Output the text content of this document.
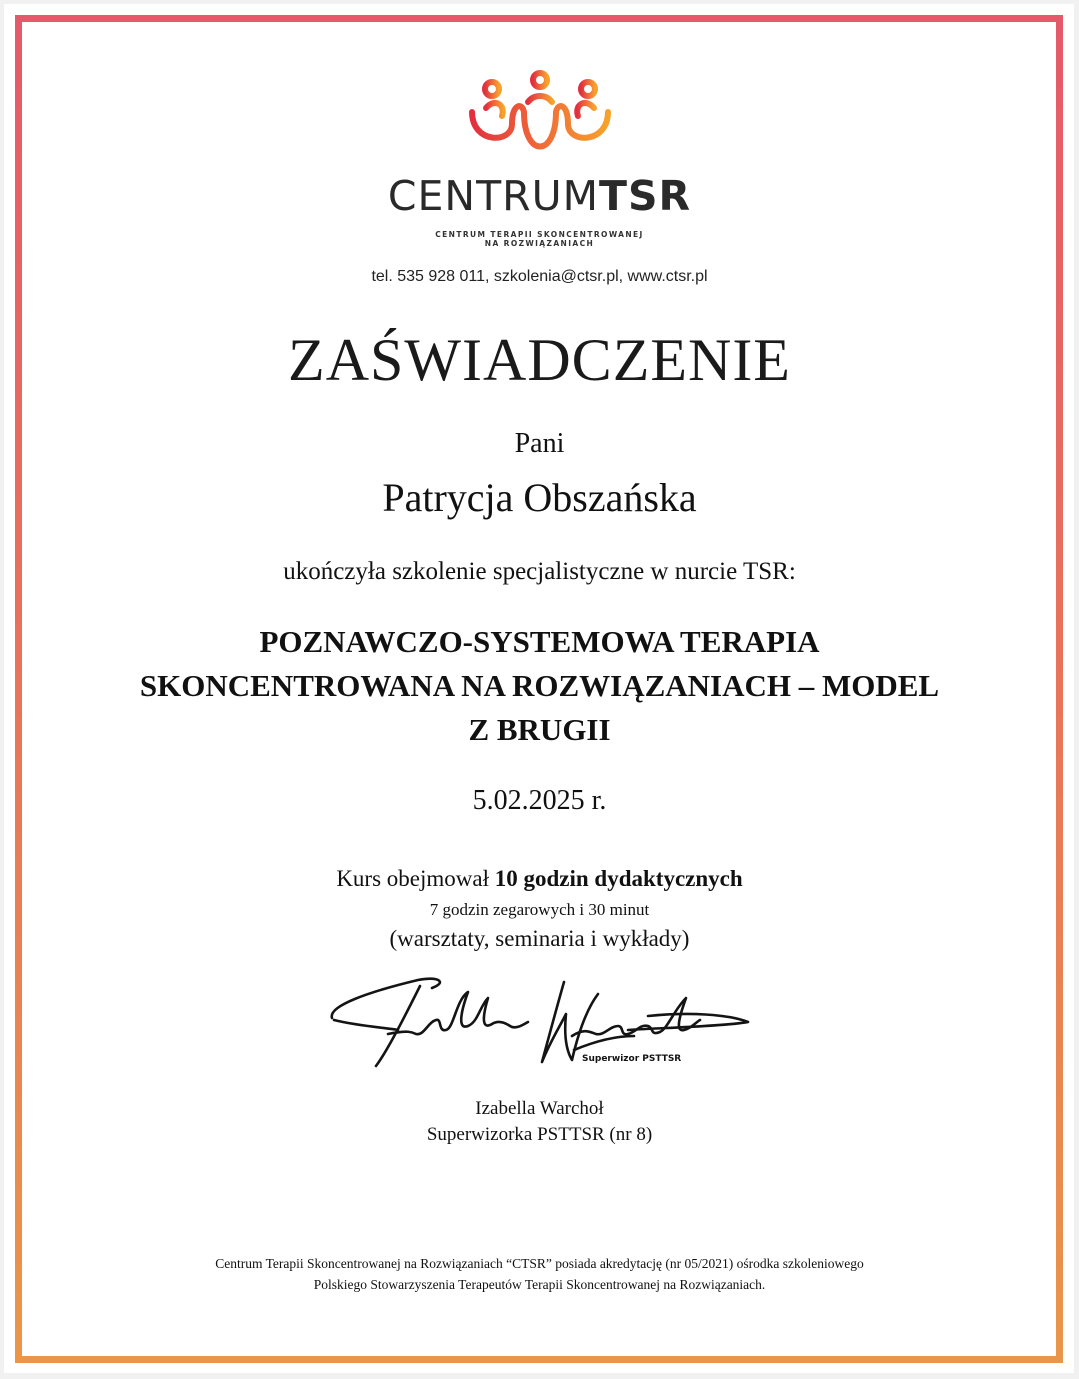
CENTRUMTSR
CENTRUM TERAPII SKONCENTROWANEJ
NA ROZWIĄZANIACH
tel. 535 928 011, szkolenia@ctsr.pl, www.ctsr.pl
ZAŚWIADCZENIE
Pani
Patrycja Obszańska
ukończyła szkolenie specjalistyczne w nurcie TSR:
POZNAWCZO-SYSTEMOWA TERAPIA
SKONCENTROWANA NA ROZWIĄZANIACH – MODEL
Z BRUGII
5.02.2025 r.
Kurs obejmował 10 godzin dydaktycznych
7 godzin zegarowych i 30 minut
(warsztaty, seminaria i wykłady)
Superwizor PSTTSR
Izabella Warchoł
Superwizorka PSTTSR (nr 8)
Centrum Terapii Skoncentrowanej na Rozwiązaniach “CTSR” posiada akredytację (nr 05/2021) ośrodka szkoleniowego
Polskiego Stowarzyszenia Terapeutów Terapii Skoncentrowanej na Rozwiązaniach.
